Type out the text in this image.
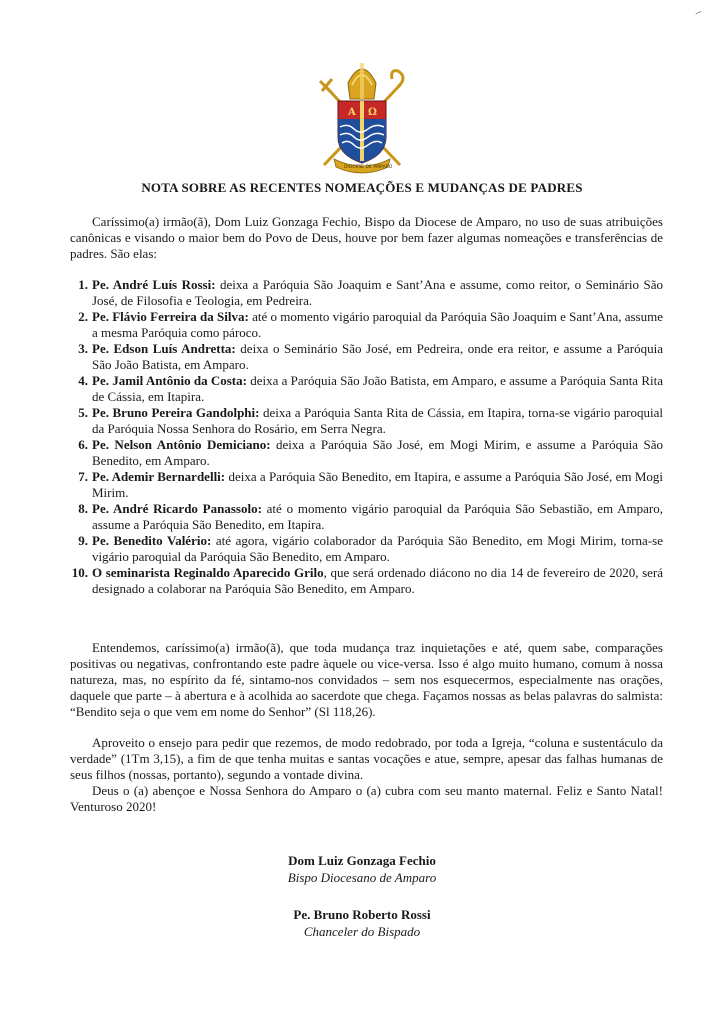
A Ω
DIOCESE DE AMPARO
NOTA SOBRE AS RECENTES NOMEAÇÕES E MUDANÇAS DE PADRES
Caríssimo(a) irmão(ã), Dom Luiz Gonzaga Fechio, Bispo da Diocese de Amparo, no uso de suas atribuições canônicas e visando o maior bem do Povo de Deus, houve por bem fazer algumas nomeações e transferências de padres. São elas:
1. Pe. André Luís Rossi: deixa a Paróquia São Joaquim e Sant’Ana e assume, como reitor, o Seminário São José, de Filosofia e Teologia, em Pedreira.
2. Pe. Flávio Ferreira da Silva: até o momento vigário paroquial da Paróquia São Joaquim e Sant’Ana, assume a mesma Paróquia como pároco.
3. Pe. Edson Luís Andretta: deixa o Seminário São José, em Pedreira, onde era reitor, e assume a Paróquia São João Batista, em Amparo.
4. Pe. Jamil Antônio da Costa: deixa a Paróquia São João Batista, em Amparo, e assume a Paróquia Santa Rita de Cássia, em Itapira.
5. Pe. Bruno Pereira Gandolphi: deixa a Paróquia Santa Rita de Cássia, em Itapira, torna-se vigário paroquial da Paróquia Nossa Senhora do Rosário, em Serra Negra.
6. Pe. Nelson Antônio Demiciano: deixa a Paróquia São José, em Mogi Mirim, e assume a Paróquia São Benedito, em Amparo.
7. Pe. Ademir Bernardelli: deixa a Paróquia São Benedito, em Itapira, e assume a Paróquia São José, em Mogi Mirim.
8. Pe. André Ricardo Panassolo: até o momento vigário paroquial da Paróquia São Sebastião, em Amparo, assume a Paróquia São Benedito, em Itapira.
9. Pe. Benedito Valério: até agora, vigário colaborador da Paróquia São Benedito, em Mogi Mirim, torna-se vigário paroquial da Paróquia São Benedito, em Amparo.
10. O seminarista Reginaldo Aparecido Grilo, que será ordenado diácono no dia 14 de fevereiro de 2020, será designado a colaborar na Paróquia São Benedito, em Amparo.
Entendemos, caríssimo(a) irmão(ã), que toda mudança traz inquietações e até, quem sabe, comparações positivas ou negativas, confrontando este padre àquele ou vice-versa. Isso é algo muito humano, comum à nossa natureza, mas, no espírito da fé, sintamo-nos convidados – sem nos esquecermos, especialmente nas orações, daquele que parte – à abertura e à acolhida ao sacerdote que chega. Façamos nossas as belas palavras do salmista: “Bendito seja o que vem em nome do Senhor” (Sl 118,26).
Aproveito o ensejo para pedir que rezemos, de modo redobrado, por toda a Igreja, “coluna e sustentáculo da verdade” (1Tm 3,15), a fim de que tenha muitas e santas vocações e atue, sempre, apesar das falhas humanas de seus filhos (nossas, portanto), segundo a vontade divina.
Deus o (a) abençoe e Nossa Senhora do Amparo o (a) cubra com seu manto maternal. Feliz e Santo Natal! Venturoso 2020!
Dom Luiz Gonzaga Fechio
Bispo Diocesano de Amparo
Pe. Bruno Roberto Rossi
Chanceler do Bispado
